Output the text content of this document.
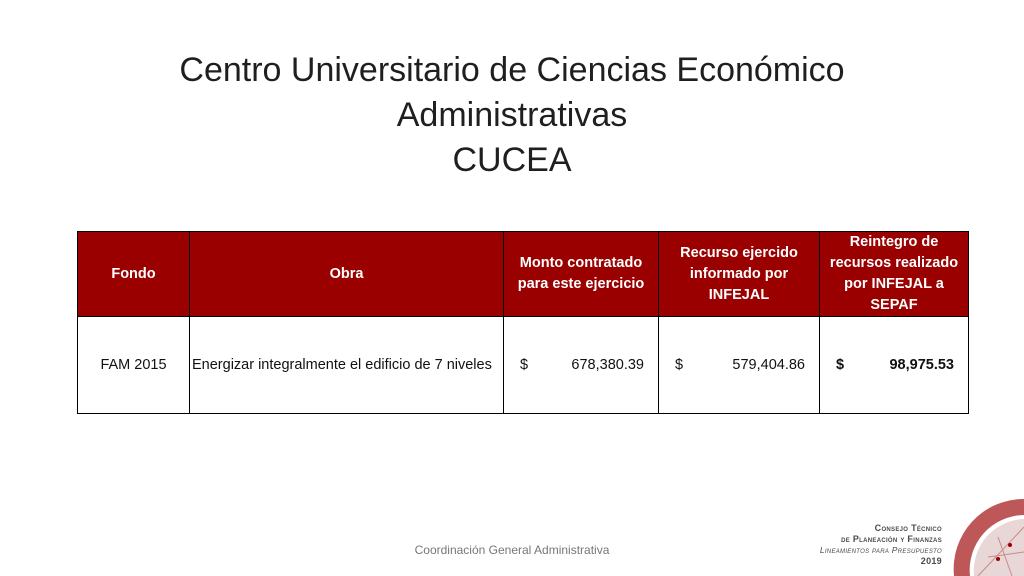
Centro Universitario de Ciencias Económico
Administrativas
CUCEA
Fondo	Obra	Monto contratado para este ejercicio	Recurso ejercido informado por INFEJAL	Reintegro de recursos realizado por INFEJAL a SEPAF
FAM 2015	Energizar integralmente el edificio de 7 niveles	$ 678,380.39	$ 579,404.86	$ 98,975.53
Coordinación General Administrativa
Consejo Técnico
de Planeación y Finanzas
Lineamientos para Presupuesto
2019
